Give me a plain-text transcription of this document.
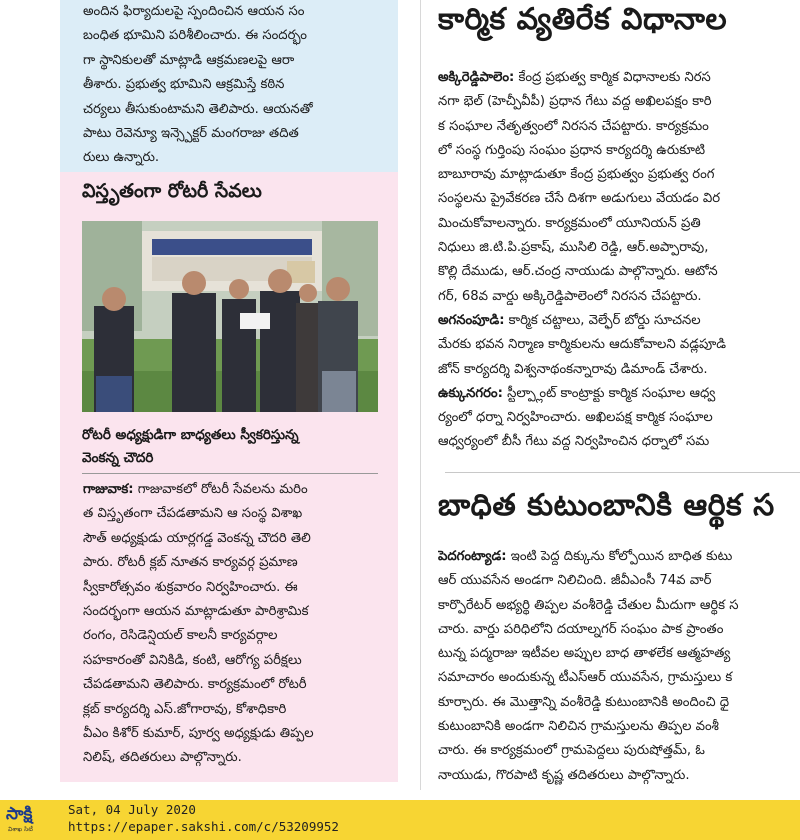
అందిన ఫిర్యాదులపై స్పందించిన ఆయన సం
బంధిత భూమిని పరిశీలించారు. ఈ సందర్భం
గా స్థానికులతో మాట్లాడి ఆక్రమణలపై ఆరా
తీశారు. ప్రభుత్వ భూమిని ఆక్రమిస్తే కఠిన
చర్యలు తీసుకుంటామని తెలిపారు. ఆయనతో
పాటు రెవెన్యూ ఇన్స్పెక్టర్ మంగరాజు తదిత
రులు ఉన్నారు.
విస్తృతంగా రోటరీ సేవలు
రోటరీ అధ్యక్షుడిగా బాధ్యతలు స్వీకరిస్తున్న
వెంకన్న చౌదరి
గాజువాక: గాజువాకలో రోటరీ సేవలను మరిం
త విస్తృతంగా చేపడతామని ఆ సంస్థ విశాఖ
సౌత్ అధ్యక్షుడు యార్లగడ్డ వెంకన్న చౌదరి తెలి
పారు. రోటరీ క్లబ్ నూతన కార్యవర్గ ప్రమాణ
స్వీకారోత్సవం శుక్రవారం నిర్వహించారు. ఈ
సందర్భంగా ఆయన మాట్లాడుతూ పారిశ్రామిక
రంగం, రెసిడెన్షియల్ కాలనీ కార్యవర్గాల
సహకారంతో వినికిడి, కంటి, ఆరోగ్య పరీక్షలు
చేపడతామని తెలిపారు. కార్యక్రమంలో రోటరీ
క్లబ్ కార్యదర్శి ఎస్.జోగారావు, కోశాధికారి
వీఎం కిశోర్ కుమార్, పూర్వ అధ్యక్షుడు తిప్పల
నిలిష్, తదితరులు పాల్గొన్నారు.
కార్మిక వ్యతిరేక విధానాల
అక్కిరెడ్డిపాలెం: కేంద్ర ప్రభుత్వ కార్మిక విధానాలకు నిరస
నగా భెల్ (హెచ్పీవీపీ) ప్రధాన గేటు వద్ద అఖిలపక్షం కారి
క సంఘాల నేతృత్వంలో నిరసన చేపట్టారు. కార్యక్రమం
లో సంస్థ గుర్తింపు సంఘం ప్రధాన కార్యదర్శి ఉరుకూటి
బాబూరావు మాట్లాడుతూ కేంద్ర ప్రభుత్వం ప్రభుత్వ రంగ
సంస్థలను ప్రైవేకరణ చేసే దిశగా అడుగులు వేయడం విర
మించుకోవాలన్నారు. కార్యక్రమంలో యూనియన్ ప్రతి
నిధులు జి.టి.పి.ప్రకాష్, ముసిలి రెడ్డి, ఆర్.అప్పారావు,
కొల్లి దేముడు, ఆర్.చంద్ర నాయుడు పాల్గొన్నారు. ఆటోన
గర్, 68వ వార్డు అక్కిరెడ్డిపాలెంలో నిరసన చేపట్టారు.
అగనంపూడి: కార్మిక చట్టాలు, వెల్ఫేర్ బోర్డు సూచనల
మేరకు భవన నిర్మాణ కార్మికులను ఆదుకోవాలని వడ్లపూడి
జోన్ కార్యదర్శి విశ్వనాథంకన్నారావు డిమాండ్ చేశారు.
ఉక్కునగరం: స్టీల్ప్లాంట్ కాంట్రాక్టు కార్మిక సంఘాల ఆధ్వ
ర్యంలో ధర్నా నిర్వహించారు. అఖిలపక్ష కార్మిక సంఘాల
ఆధ్వర్యంలో బీసీ గేటు వద్ద నిర్వహించిన ధర్నాలో సమ
బాధిత కుటుంబానికి ఆర్థిక స
పెదగంట్యాడ: ఇంటి పెద్ద దిక్కును కోల్పోయిన బాధిత కుటు
ఆర్ యువసేన అండగా నిలిచింది. జీవీఎంసీ 74వ వార్
కార్పొరేటర్ అభ్యర్థి తిప్పల వంశీరెడ్డి చేతుల మీదుగా ఆర్థిక స
చారు. వార్డు పరిధిలోని దయాల్నగర్ సంఘం పాక ప్రాంతం
టున్న పద్మరాజు ఇటీవల అప్పుల బాధ తాళలేక ఆత్మహత్య
సమాచారం అందుకున్న టీఎస్ఆర్ యువసేన, గ్రామస్తులు క
కూర్చారు. ఈ మొత్తాన్ని వంశీరెడ్డి కుటుంబానికి అందించి ధై
కుటుంబానికి అండగా నిలిచిన గ్రామస్తులను తిప్పల వంశీ
చారు. ఈ కార్యక్రమంలో గ్రామపెద్దలు పురుషోత్తమ్, ఓ
నాయుడు, గొరపాటి కృష్ణ తదితరులు పాల్గొన్నారు.
సాక్షి
విశాఖ సిటీ
Sat, 04 July 2020
https://epaper.sakshi.com/c/53209952
